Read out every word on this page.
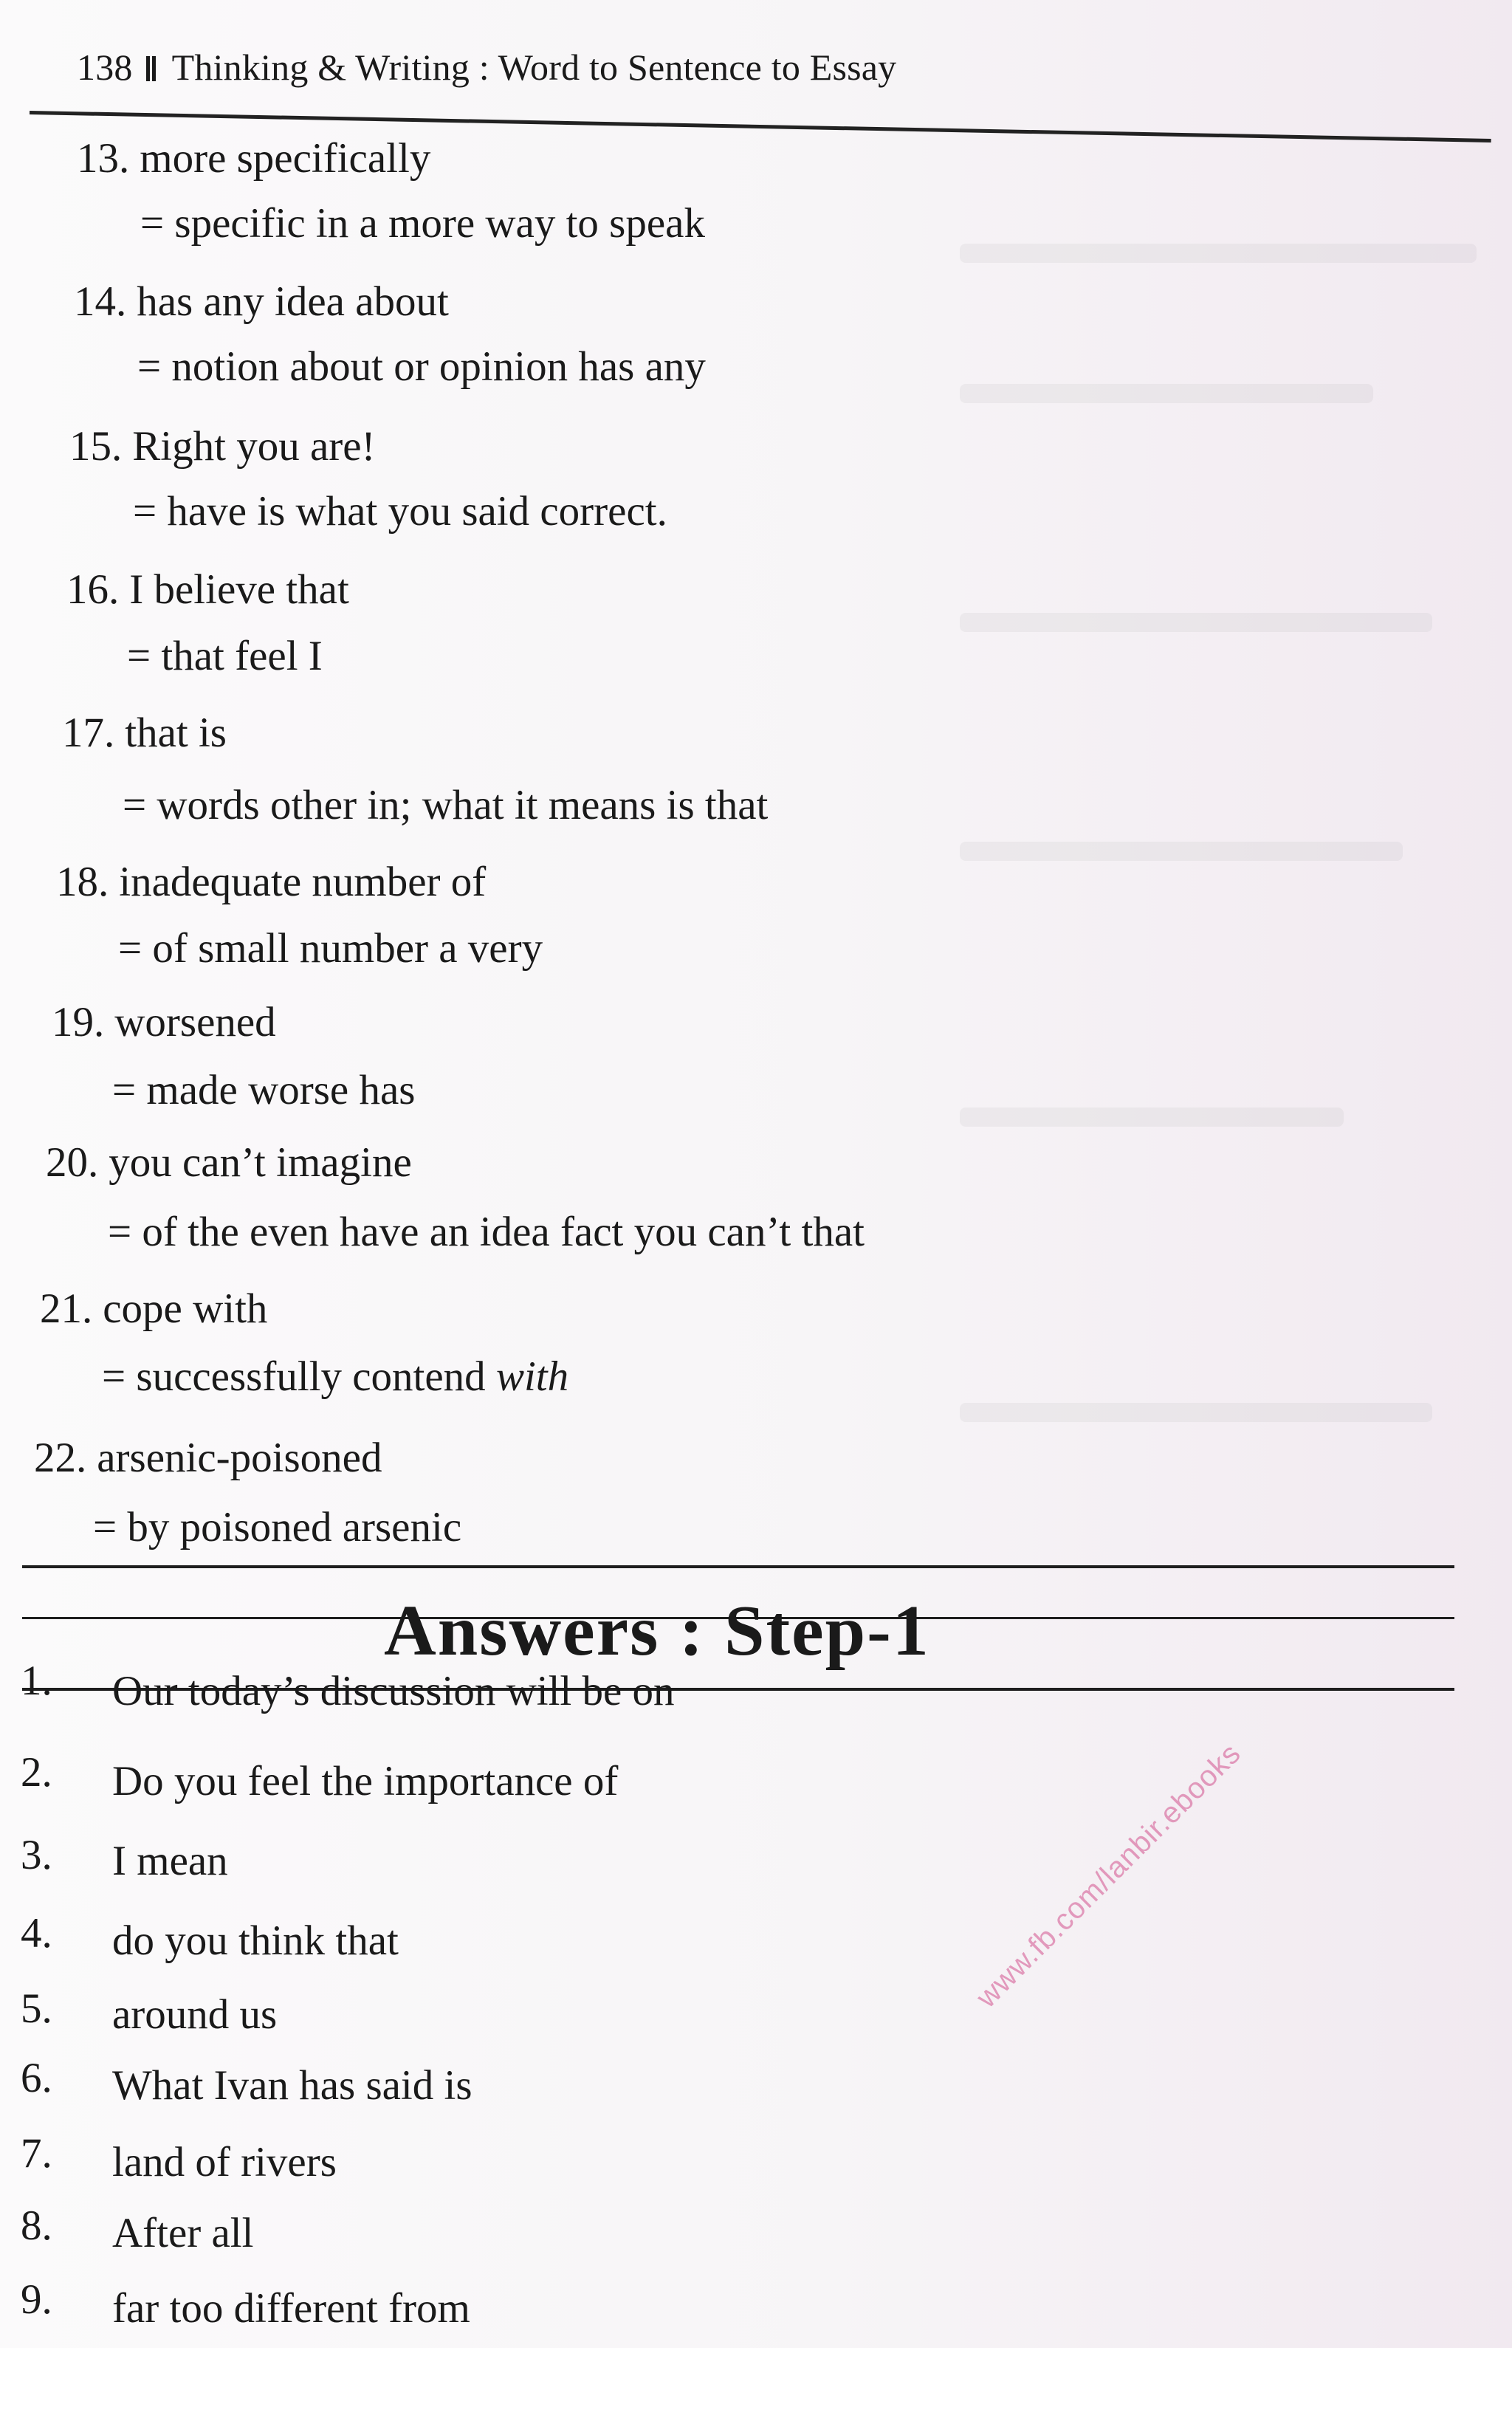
138 Thinking & Writing : Word to Sentence to Essay
13. more specifically
= specific in a more way to speak
14. has any idea about
= notion about or opinion has any
15. Right you are!
= have is what you said correct.
16. I believe that
= that feel I
17. that is
= words other in; what it means is that
18. inadequate number of
= of small number a very
19. worsened
= made worse has
20. you can’t imagine
= of the even have an idea fact you can’t that
21. cope with
= successfully contend with
22. arsenic-poisoned
= by poisoned arsenic
Answers : Step-1
1. Our today’s discussion will be on
2. Do you feel the importance of
3. I mean
4. do you think that
5. around us
6. What Ivan has said is
7. land of rivers
8. After all
9. far too different from
www.fb.com/lanbir.ebooks
